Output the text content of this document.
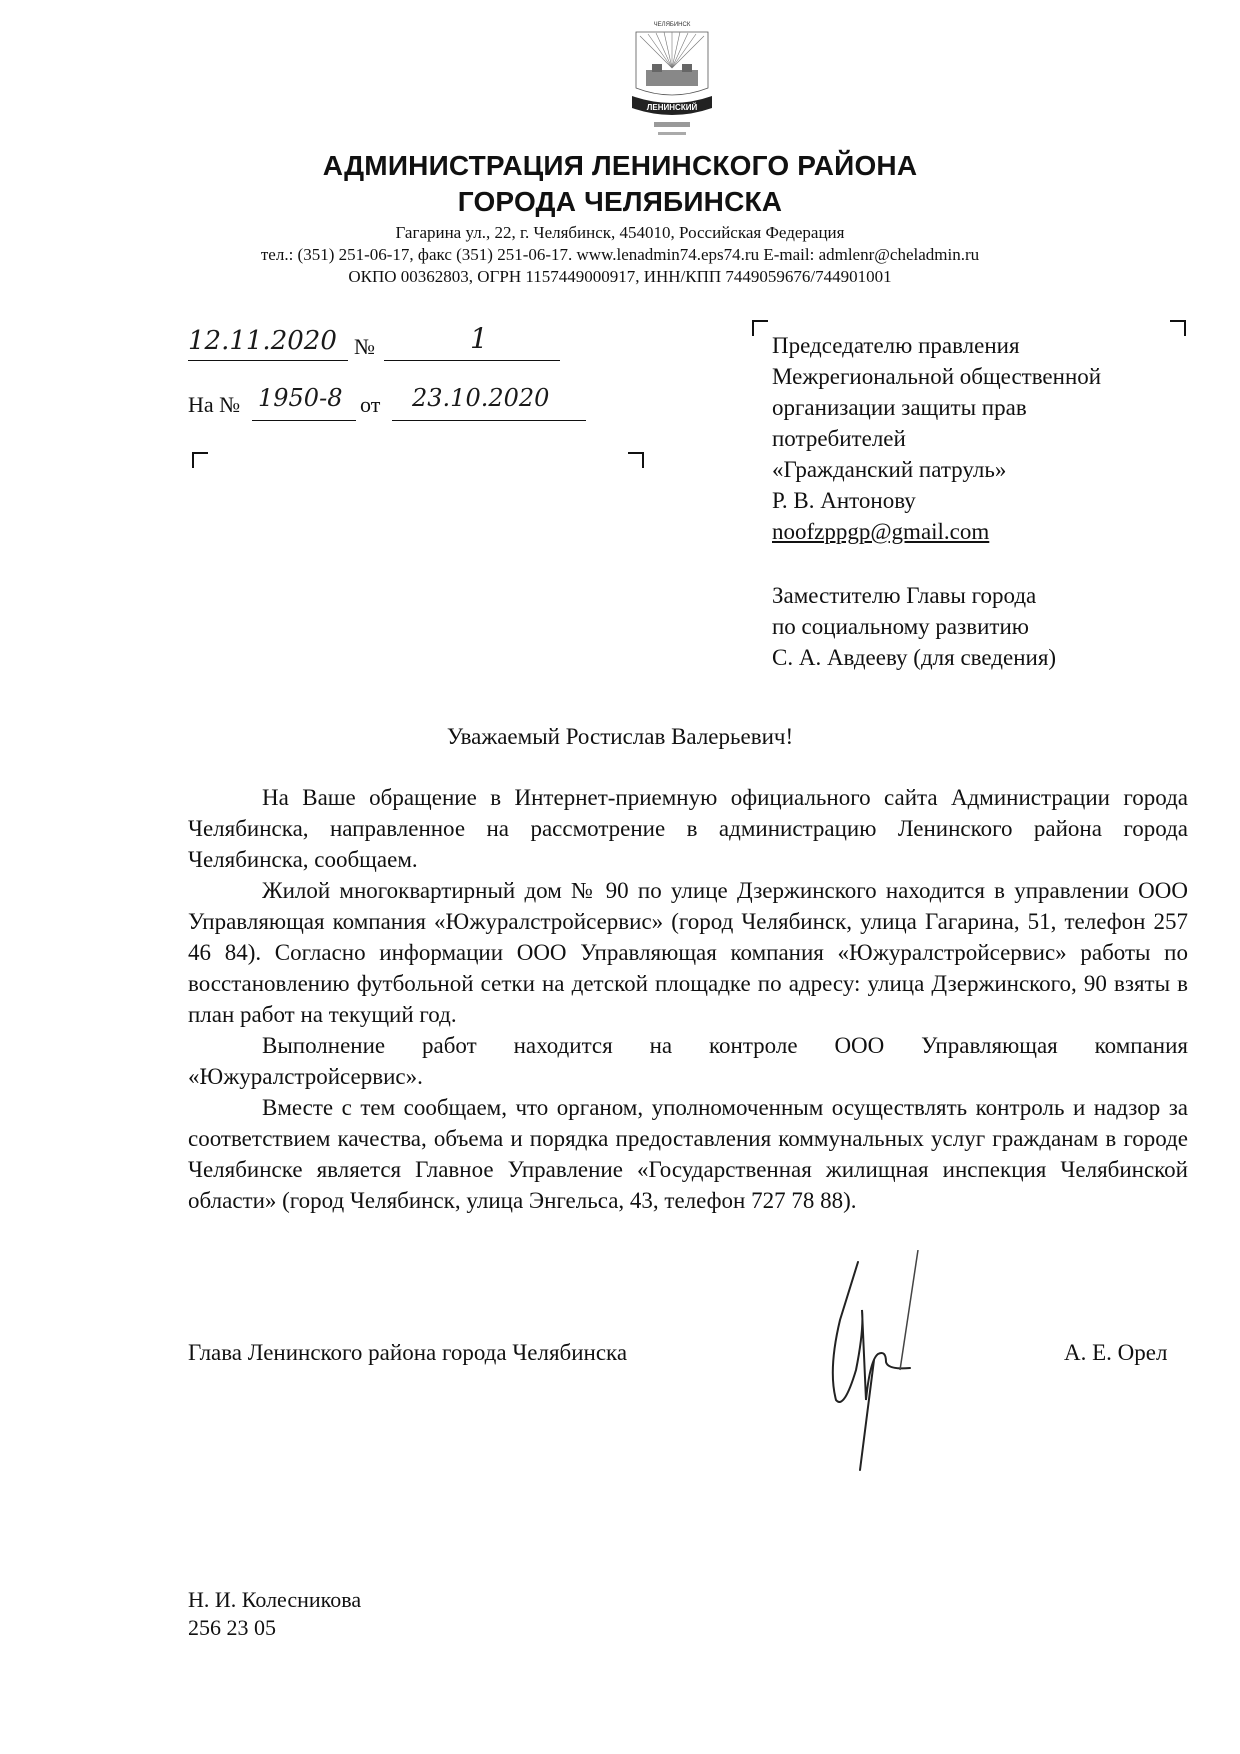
ЧЕЛЯБИНСК
ЛЕНИНСКИЙ
АДМИНИСТРАЦИЯ ЛЕНИНСКОГО РАЙОНА
ГОРОДА ЧЕЛЯБИНСКА
Гагарина ул., 22, г. Челябинск, 454010, Российская Федерация
тел.: (351) 251-06-17, факс (351) 251-06-17. www.lenadmin74.eps74.ru E-mail: admlenr@cheladmin.ru
ОКПО 00362803, ОГРН 1157449000917, ИНН/КПП 7449059676/744901001
12.11.2020 №	1
На № 1950-8 от 23.10.2020
Председателю правления
Межрегиональной общественной
организации защиты прав
потребителей
«Гражданский патруль»
Р. В. Антонову
noofzppgp@gmail.com
Заместителю Главы города
по социальному развитию
С. А. Авдееву (для сведения)
Уважаемый Ростислав Валерьевич!

На Ваше обращение в Интернет-приемную официального сайта Администрации города Челябинска, направленное на рассмотрение в администрацию Ленинского района города Челябинска, сообщаем.

Жилой многоквартирный дом № 90 по улице Дзержинского находится в управлении ООО Управляющая компания «Южуралстройсервис» (город Челябинск, улица Гагарина, 51, телефон 257 46 84). Согласно информации ООО Управляющая компания «Южуралстройсервис» работы по восстановлению футбольной сетки на детской площадке по адресу: улица Дзержинского, 90 взяты в план работ на текущий год.

Выполнение работ находится на контроле ООО Управляющая компания «Южуралстройсервис».

Вместе с тем сообщаем, что органом, уполномоченным осуществлять контроль и надзор за соответствием качества, объема и порядка предоставления коммунальных услуг гражданам в городе Челябинске является Главное Управление «Государственная жилищная инспекция Челябинской области» (город Челябинск, улица Энгельса, 43, телефон 727 78 88).

Глава Ленинского района города Челябинска	А. Е. Орел
Н. И. Колесникова
256 23 05
